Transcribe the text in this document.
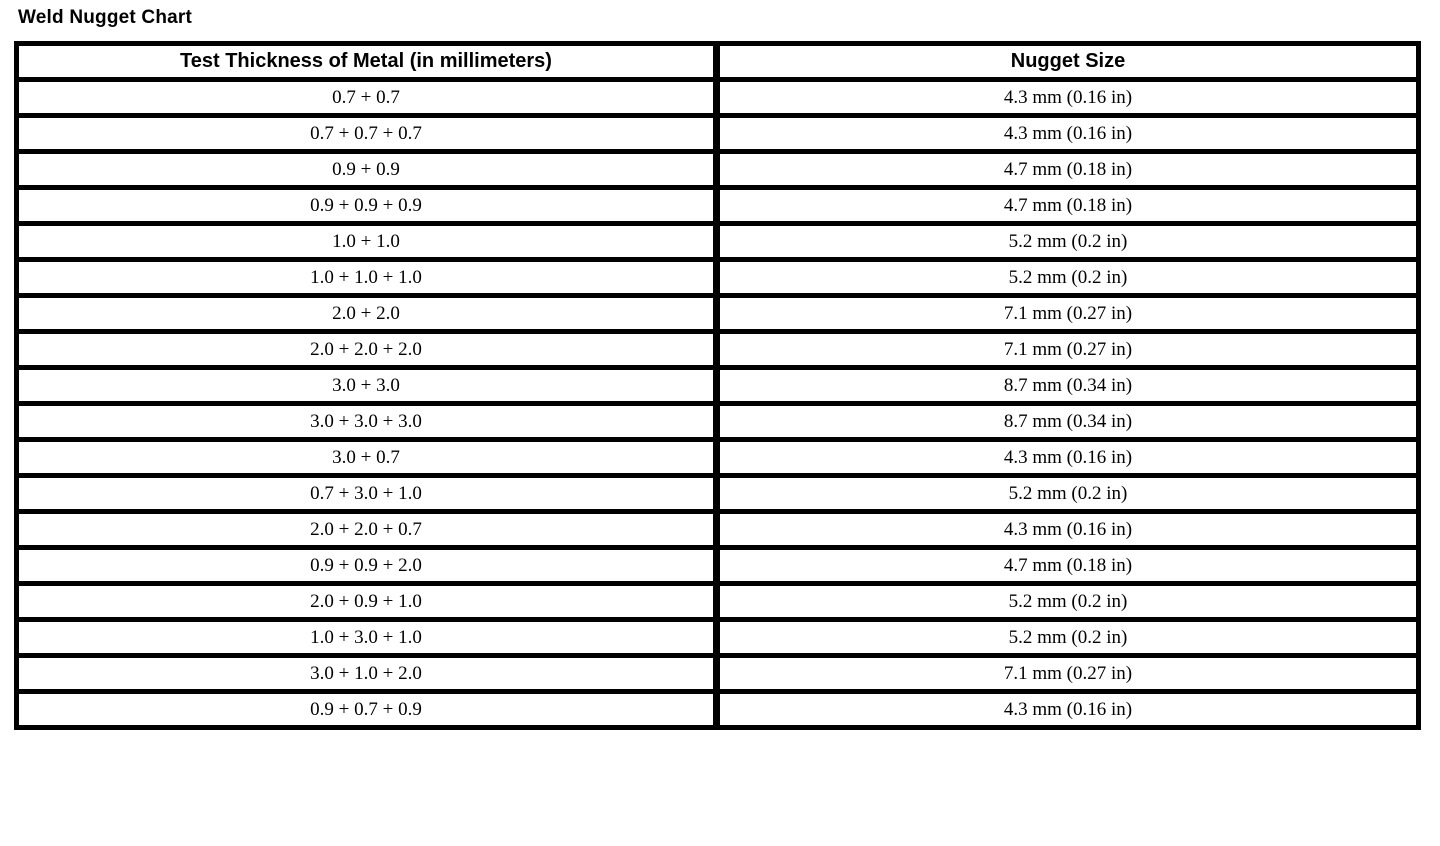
Weld Nugget Chart
Test Thickness of Metal (in millimeters)	Nugget Size
0.7 + 0.7	4.3 mm (0.16 in)
0.7 + 0.7 + 0.7	4.3 mm (0.16 in)
0.9 + 0.9	4.7 mm (0.18 in)
0.9 + 0.9 + 0.9	4.7 mm (0.18 in)
1.0 + 1.0	5.2 mm (0.2 in)
1.0 + 1.0 + 1.0	5.2 mm (0.2 in)
2.0 + 2.0	7.1 mm (0.27 in)
2.0 + 2.0 + 2.0	7.1 mm (0.27 in)
3.0 + 3.0	8.7 mm (0.34 in)
3.0 + 3.0 + 3.0	8.7 mm (0.34 in)
3.0 + 0.7	4.3 mm (0.16 in)
0.7 + 3.0 + 1.0	5.2 mm (0.2 in)
2.0 + 2.0 + 0.7	4.3 mm (0.16 in)
0.9 + 0.9 + 2.0	4.7 mm (0.18 in)
2.0 + 0.9 + 1.0	5.2 mm (0.2 in)
1.0 + 3.0 + 1.0	5.2 mm (0.2 in)
3.0 + 1.0 + 2.0	7.1 mm (0.27 in)
0.9 + 0.7 + 0.9	4.3 mm (0.16 in)
